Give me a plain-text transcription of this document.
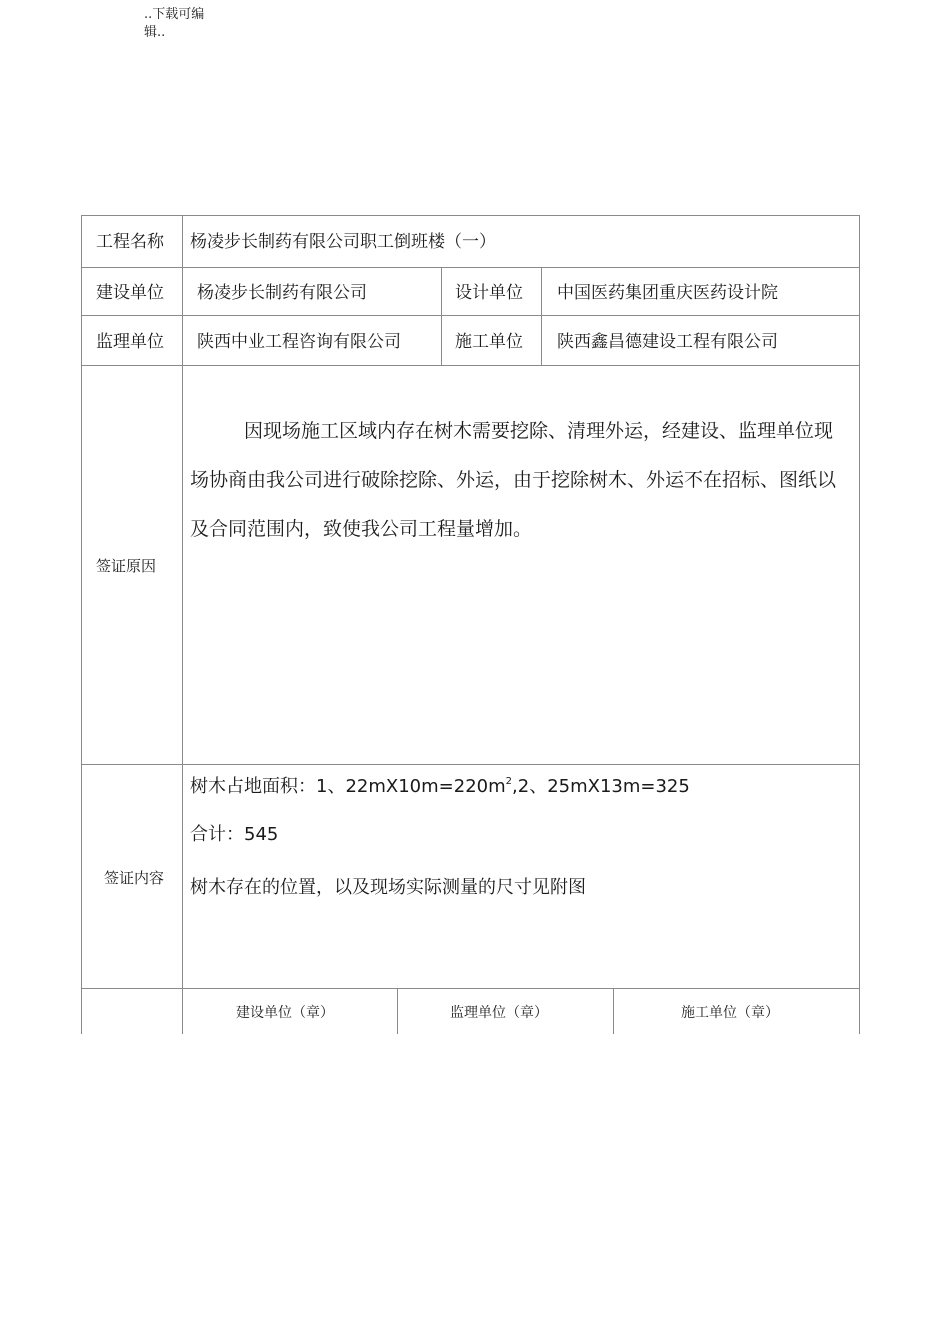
..下载可编辑..
工程名称 杨凌步长制药有限公司职工倒班楼（一）
建设单位 杨凌步长制药有限公司	设计单位 中国医药集团重庆医药设计院
监理单位 陕西中业工程咨询有限公司	施工单位 陕西鑫昌德建设工程有限公司
签证原因

因现场施工区域内存在树木需要挖除、清理外运，经建设、监理单位现场协商由我公司进行破除挖除、外运，由于挖除树木、外运不在招标、图纸以及合同范围内，致使我公司工程量增加。

签证内容
树木占地面积：1、$22mX10m=220m^2,2$、25mX13m=325
合计：545
树木存在的位置，以及现场实际测量的尺寸见附图
建设单位（章）	监理单位（章）	施工单位（章）
